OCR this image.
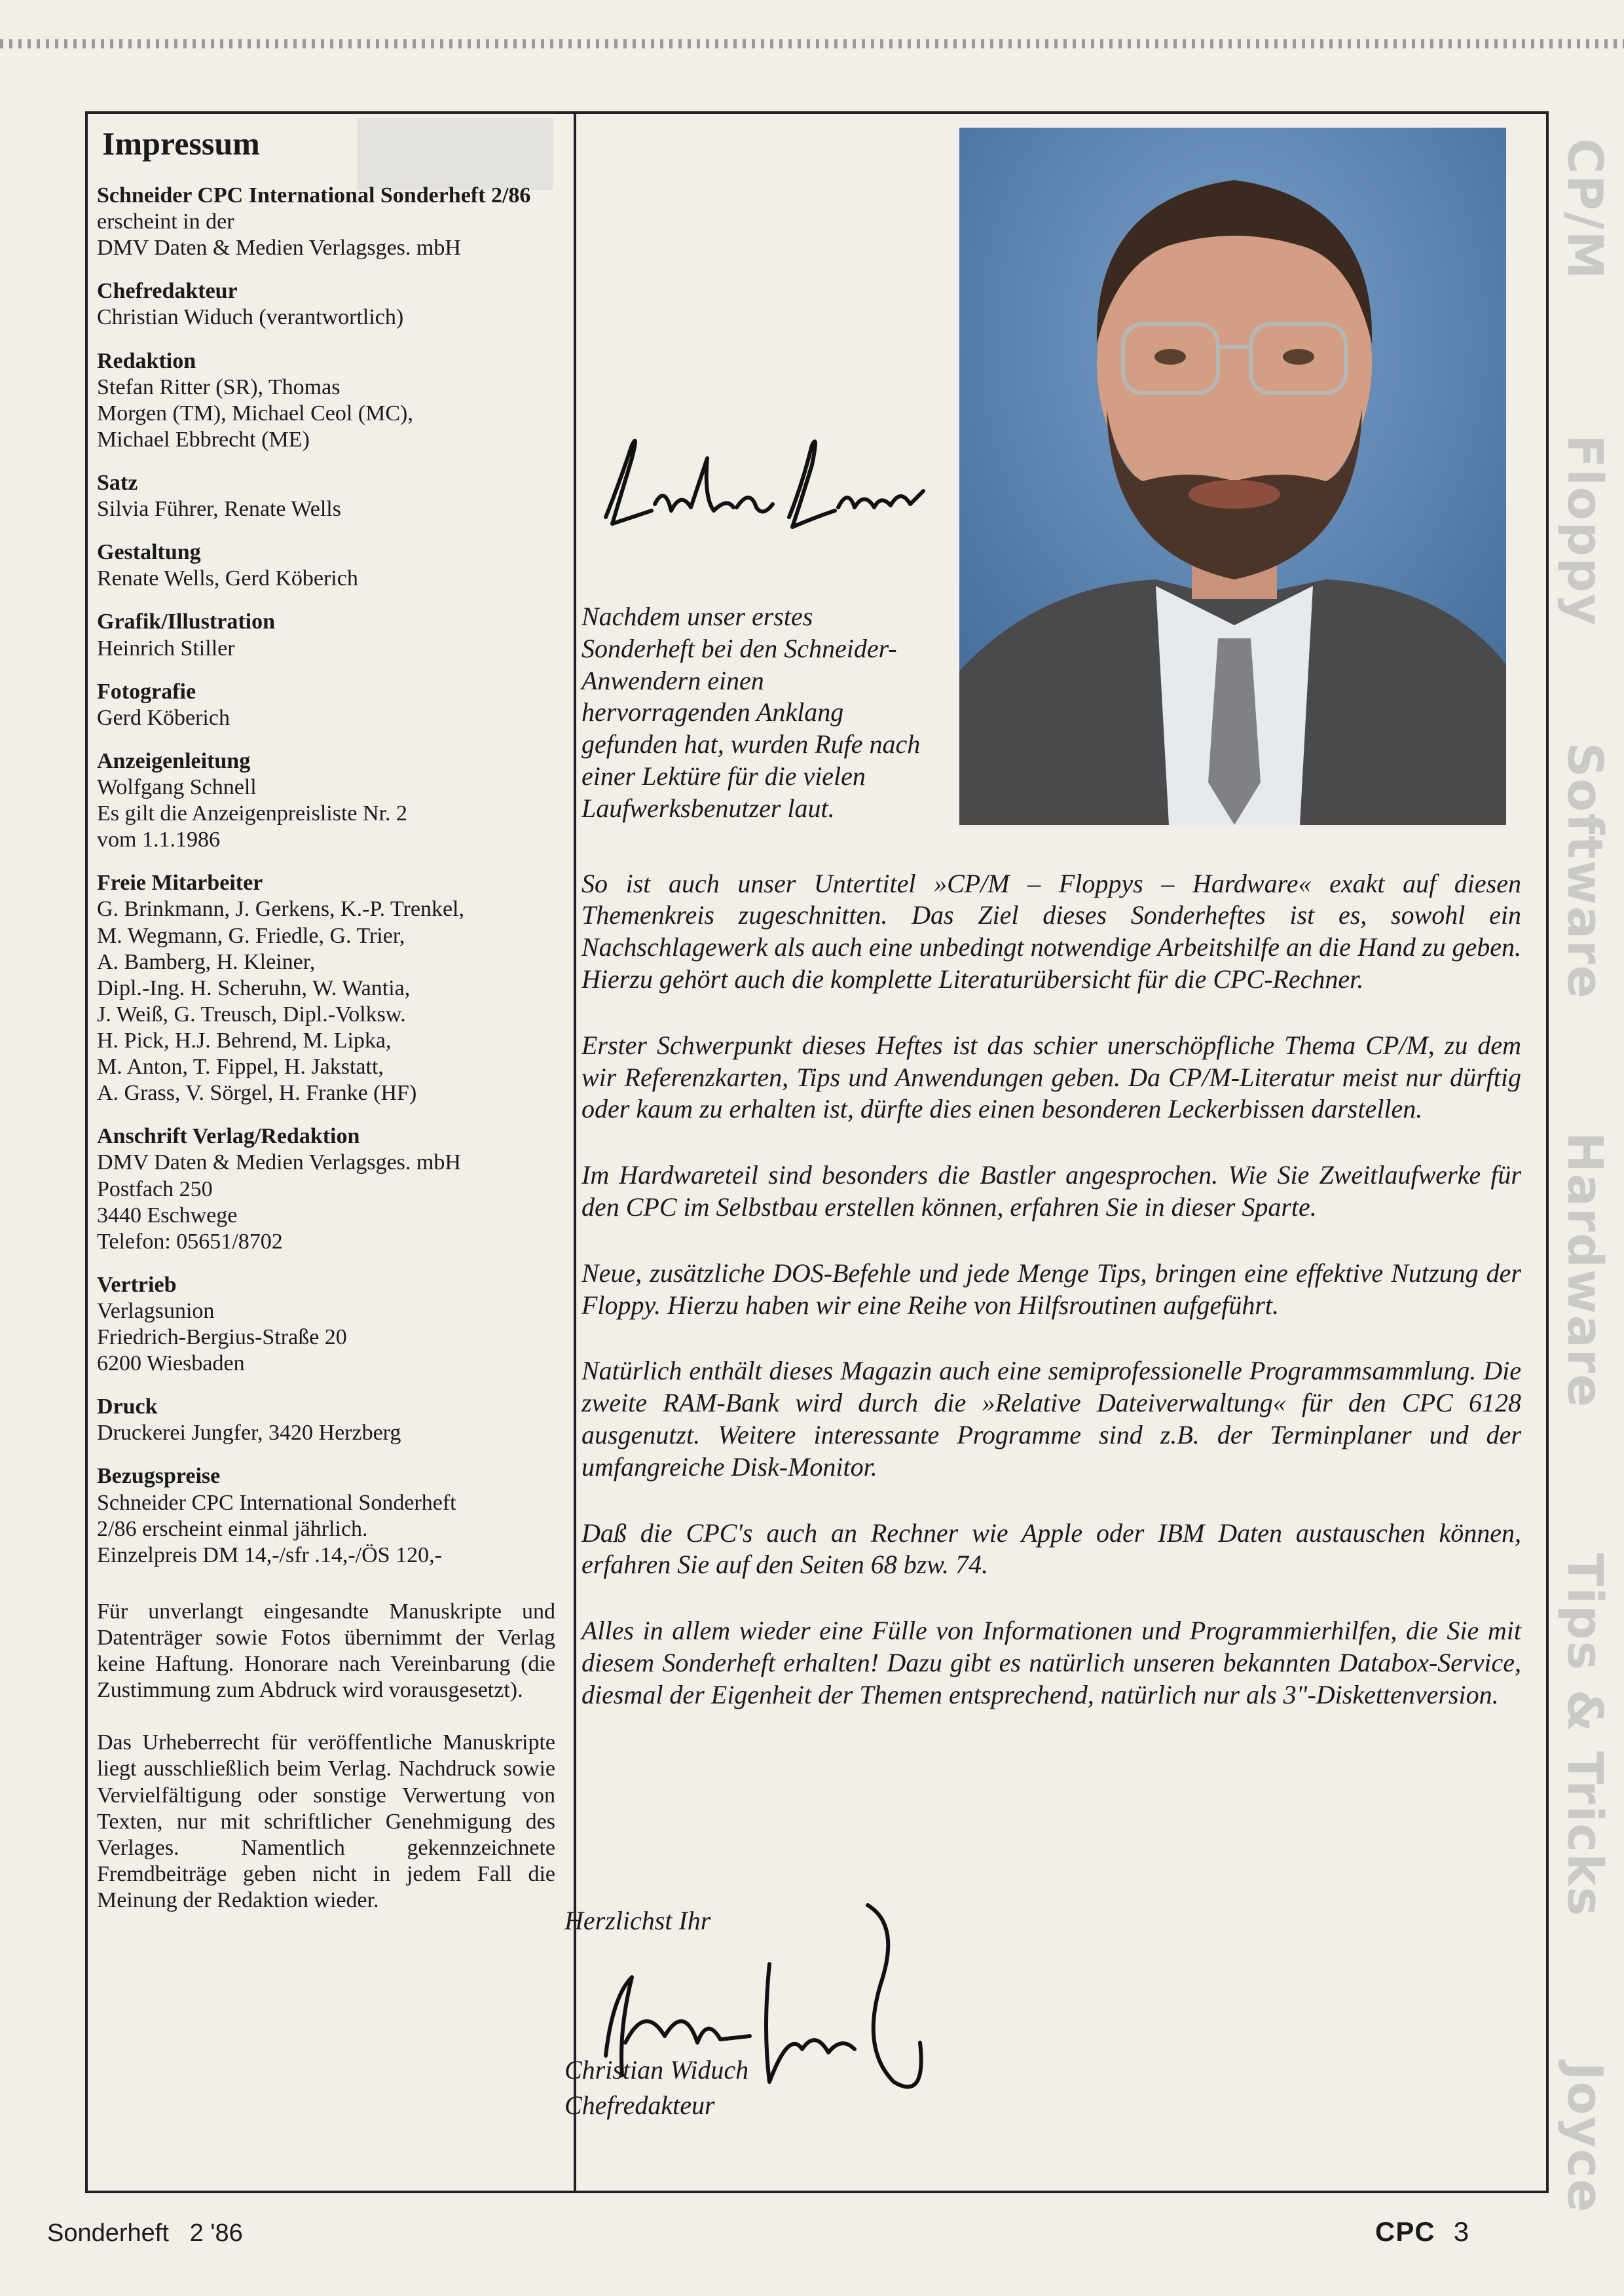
CP/M
Floppy
Software
Hardware
Tips & Tricks
Joyce
Impressum
Schneider CPC International Sonderheft 2/86
erscheint in der
DMV Daten & Medien Verlagsges. mbH
Chefredakteur
Christian Widuch (verantwortlich)
Redaktion
Stefan Ritter (SR), Thomas
Morgen (TM), Michael Ceol (MC),
Michael Ebbrecht (ME)
Satz
Silvia Führer, Renate Wells
Gestaltung
Renate Wells, Gerd Köberich
Grafik/Illustration
Heinrich Stiller
Fotografie
Gerd Köberich
Anzeigenleitung
Wolfgang Schnell
Es gilt die Anzeigenpreisliste Nr. 2
vom 1.1.1986
Freie Mitarbeiter
G. Brinkmann, J. Gerkens, K.-P. Trenkel,
M. Wegmann, G. Friedle, G. Trier,
A. Bamberg, H. Kleiner,
Dipl.-Ing. H. Scheruhn, W. Wantia,
J. Weiß, G. Treusch, Dipl.-Volksw.
H. Pick, H.J. Behrend, M. Lipka,
M. Anton, T. Fippel, H. Jakstatt,
A. Grass, V. Sörgel, H. Franke (HF)
Anschrift Verlag/Redaktion
DMV Daten & Medien Verlagsges. mbH
Postfach 250
3440 Eschwege
Telefon: 05651/8702
Vertrieb
Verlagsunion
Friedrich-Bergius-Straße 20
6200 Wiesbaden
Druck
Druckerei Jungfer, 3420 Herzberg
Bezugspreise
Schneider CPC International Sonderheft
2/86 erscheint einmal jährlich.
Einzelpreis DM 14,-/sfr .14,-/ÖS 120,-
Für unverlangt eingesandte Manuskripte und Datenträger sowie Fotos übernimmt der Verlag keine Haftung. Honorare nach Vereinbarung (die Zustimmung zum Abdruck wird vorausgesetzt).
Das Urheberrecht für veröffentliche Manuskripte liegt ausschließlich beim Verlag. Nachdruck sowie Vervielfältigung oder sonstige Verwertung von Texten, nur mit schriftlicher Genehmigung des Verlages. Namentlich gekennzeichnete Fremdbeiträge geben nicht in jedem Fall die Meinung der Redaktion wieder.
Nachdem unser erstes Sonderheft bei den Schneider-Anwendern einen hervorragenden Anklang gefunden hat, wurden Rufe nach einer Lektüre für die vielen Laufwerksbenutzer laut.
So ist auch unser Untertitel »CP/M – Floppys – Hardware« exakt auf diesen Themenkreis zugeschnitten. Das Ziel dieses Sonderheftes ist es, sowohl ein Nachschlagewerk als auch eine unbedingt notwendige Arbeitshilfe an die Hand zu geben. Hierzu gehört auch die komplette Literaturübersicht für die CPC-Rechner.
Erster Schwerpunkt dieses Heftes ist das schier unerschöpfliche Thema CP/M, zu dem wir Referenzkarten, Tips und Anwendungen geben. Da CP/M-Literatur meist nur dürftig oder kaum zu erhalten ist, dürfte dies einen besonderen Leckerbissen darstellen.
Im Hardwareteil sind besonders die Bastler angesprochen. Wie Sie Zweitlaufwerke für den CPC im Selbstbau erstellen können, erfahren Sie in dieser Sparte.
Neue, zusätzliche DOS-Befehle und jede Menge Tips, bringen eine effektive Nutzung der Floppy. Hierzu haben wir eine Reihe von Hilfsroutinen aufgeführt.
Natürlich enthält dieses Magazin auch eine semiprofessionelle Programmsammlung. Die zweite RAM-Bank wird durch die »Relative Dateiverwaltung« für den CPC 6128 ausgenutzt. Weitere interessante Programme sind z.B. der Terminplaner und der umfangreiche Disk-Monitor.
Daß die CPC's auch an Rechner wie Apple oder IBM Daten austauschen können, erfahren Sie auf den Seiten 68 bzw. 74.
Alles in allem wieder eine Fülle von Informationen und Programmierhilfen, die Sie mit diesem Sonderheft erhalten! Dazu gibt es natürlich unseren bekannten Databox-Service, diesmal der Eigenheit der Themen entsprechend, natürlich nur als 3"-Diskettenversion.
Herzlichst Ihr
Christian Widuch
Chefredakteur
Sonderheft   2 '86	CPC 3
